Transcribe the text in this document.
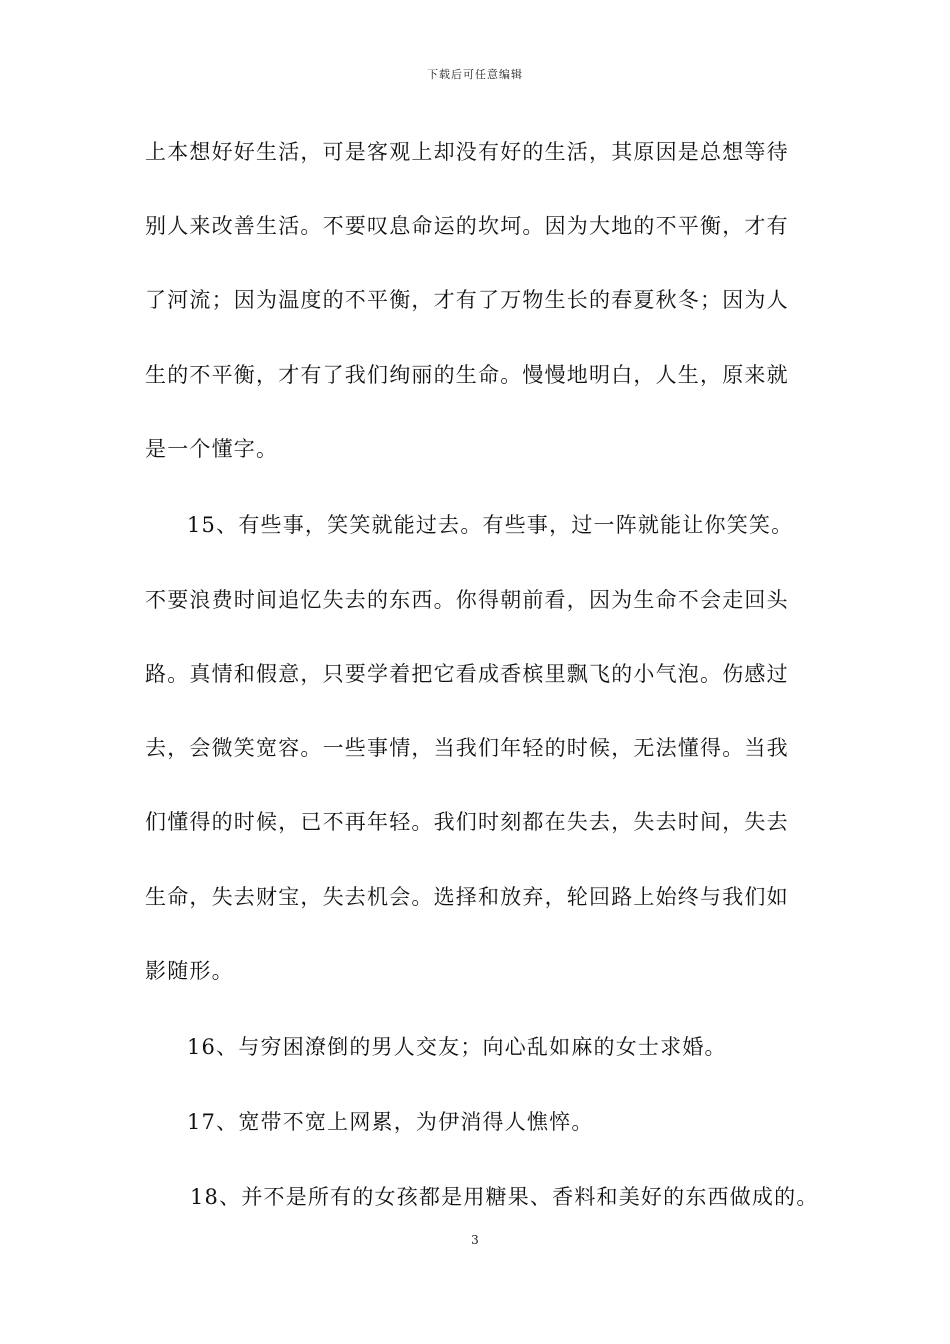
下载后可任意编辑
上本想好好生活，可是客观上却没有好的生活，其原因是总想等待
别人来改善生活。不要叹息命运的坎坷。因为大地的不平衡，才有
了河流；因为温度的不平衡，才有了万物生长的春夏秋冬；因为人
生的不平衡，才有了我们绚丽的生命。慢慢地明白，人生，原来就
是一个懂字。
15、有些事，笑笑就能过去。有些事，过一阵就能让你笑笑。
不要浪费时间追忆失去的东西。你得朝前看，因为生命不会走回头
路。真情和假意，只要学着把它看成香槟里飘飞的小气泡。伤感过
去，会微笑宽容。一些事情，当我们年轻的时候，无法懂得。当我
们懂得的时候，已不再年轻。我们时刻都在失去，失去时间，失去
生命，失去财宝，失去机会。选择和放弃，轮回路上始终与我们如
影随形。
16、与穷困潦倒的男人交友；向心乱如麻的女士求婚。
17、宽带不宽上网累，为伊消得人憔悴。
18、并不是所有的女孩都是用糖果、香料和美好的东西做成的。
3
